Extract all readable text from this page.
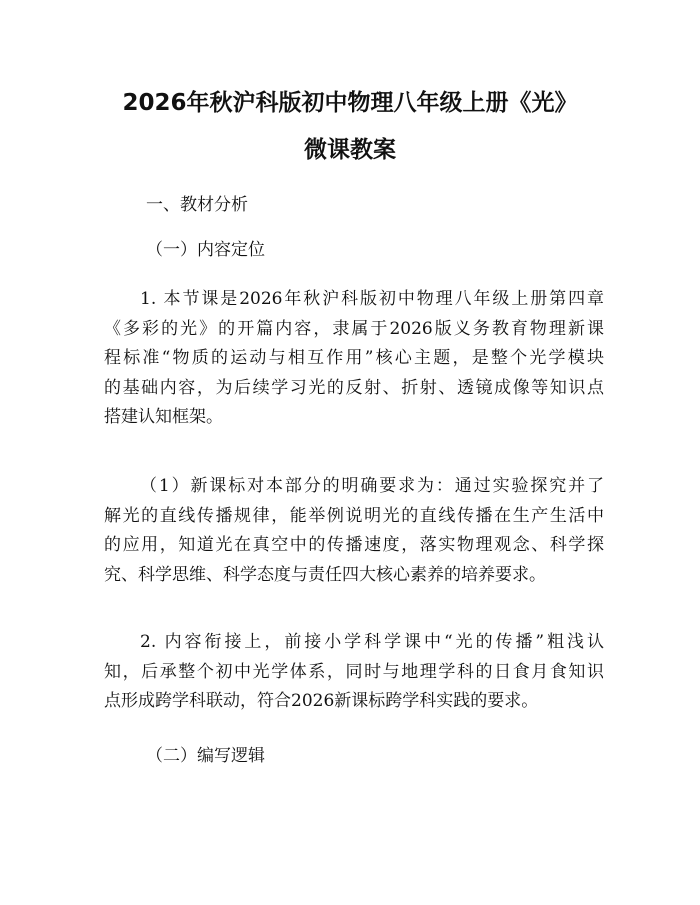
2026年秋沪科版初中物理八年级上册《光》
微课教案
一、教材分析
（一）内容定位
1. 本节课是2026年秋沪科版初中物理八年级上册第四章
《多彩的光》的开篇内容，隶属于2026版义务教育物理新课
程标准“物质的运动与相互作用”核心主题，是整个光学模块
的基础内容，为后续学习光的反射、折射、透镜成像等知识点
搭建认知框架。
（1）新课标对本部分的明确要求为：通过实验探究并了
解光的直线传播规律，能举例说明光的直线传播在生产生活中
的应用，知道光在真空中的传播速度，落实物理观念、科学探
究、科学思维、科学态度与责任四大核心素养的培养要求。
2. 内容衔接上，前接小学科学课中“光的传播”粗浅认
知，后承整个初中光学体系，同时与地理学科的日食月食知识
点形成跨学科联动，符合2026新课标跨学科实践的要求。
（二）编写逻辑
